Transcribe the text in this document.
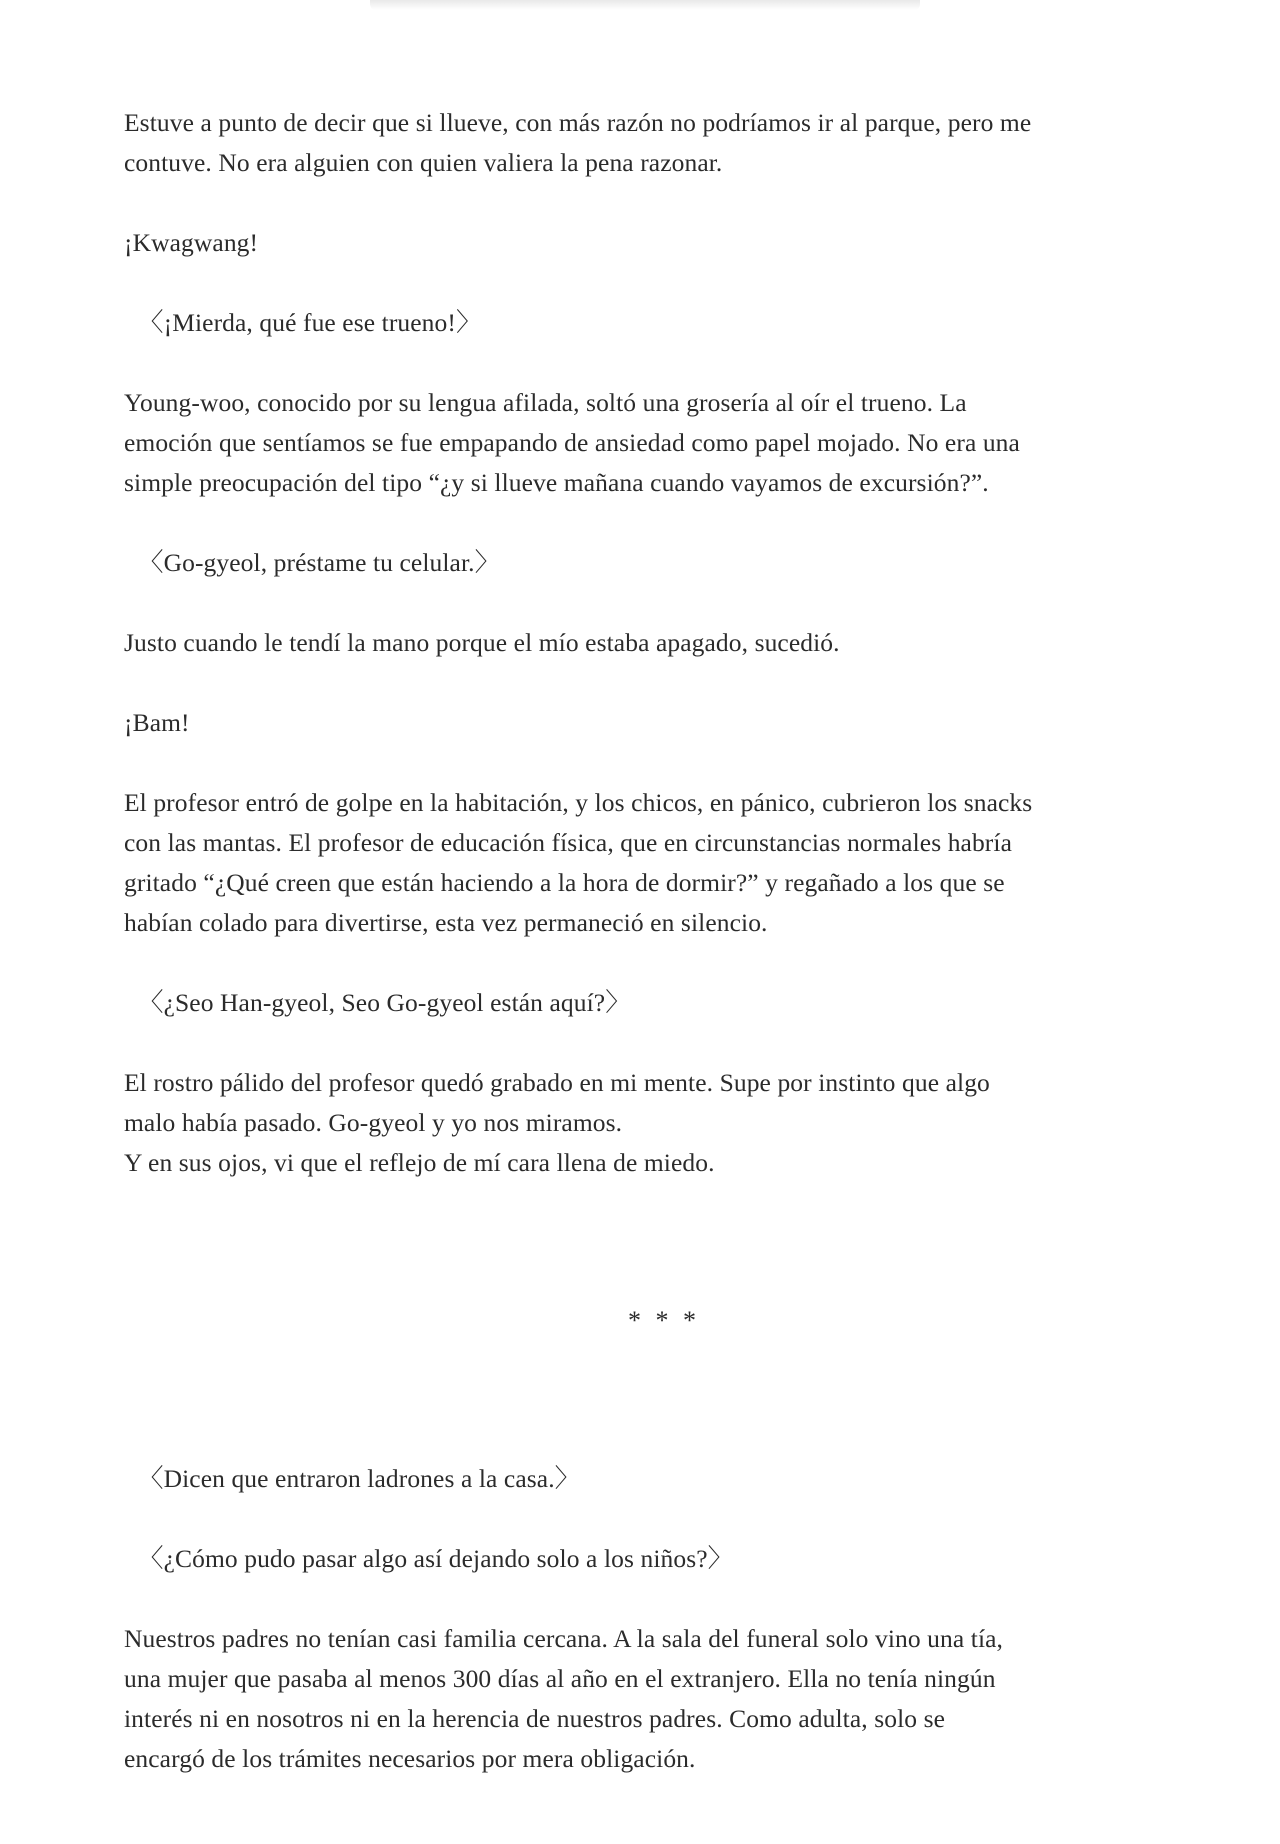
Estuve a punto de decir que si llueve, con más razón no podríamos ir al parque, pero me
contuve. No era alguien con quien valiera la pena razonar.

¡Kwagwang!

〈¡Mierda, qué fue ese trueno!〉

Young-woo, conocido por su lengua afilada, soltó una grosería al oír el trueno. La
emoción que sentíamos se fue empapando de ansiedad como papel mojado. No era una
simple preocupación del tipo “¿y si llueve mañana cuando vayamos de excursión?”.

〈Go-gyeol, préstame tu celular.〉

Justo cuando le tendí la mano porque el mío estaba apagado, sucedió.

¡Bam!

El profesor entró de golpe en la habitación, y los chicos, en pánico, cubrieron los snacks
con las mantas. El profesor de educación física, que en circunstancias normales habría
gritado “¿Qué creen que están haciendo a la hora de dormir?” y regañado a los que se
habían colado para divertirse, esta vez permaneció en silencio.

〈¿Seo Han-gyeol, Seo Go-gyeol están aquí?〉

El rostro pálido del profesor quedó grabado en mi mente. Supe por instinto que algo
malo había pasado. Go-gyeol y yo nos miramos.
Y en sus ojos, vi que el reflejo de mí cara llena de miedo.

* * *

〈Dicen que entraron ladrones a la casa.〉

〈¿Cómo pudo pasar algo así dejando solo a los niños?〉

Nuestros padres no tenían casi familia cercana. A la sala del funeral solo vino una tía,
una mujer que pasaba al menos 300 días al año en el extranjero. Ella no tenía ningún
interés ni en nosotros ni en la herencia de nuestros padres. Como adulta, solo se
encargó de los trámites necesarios por mera obligación.
